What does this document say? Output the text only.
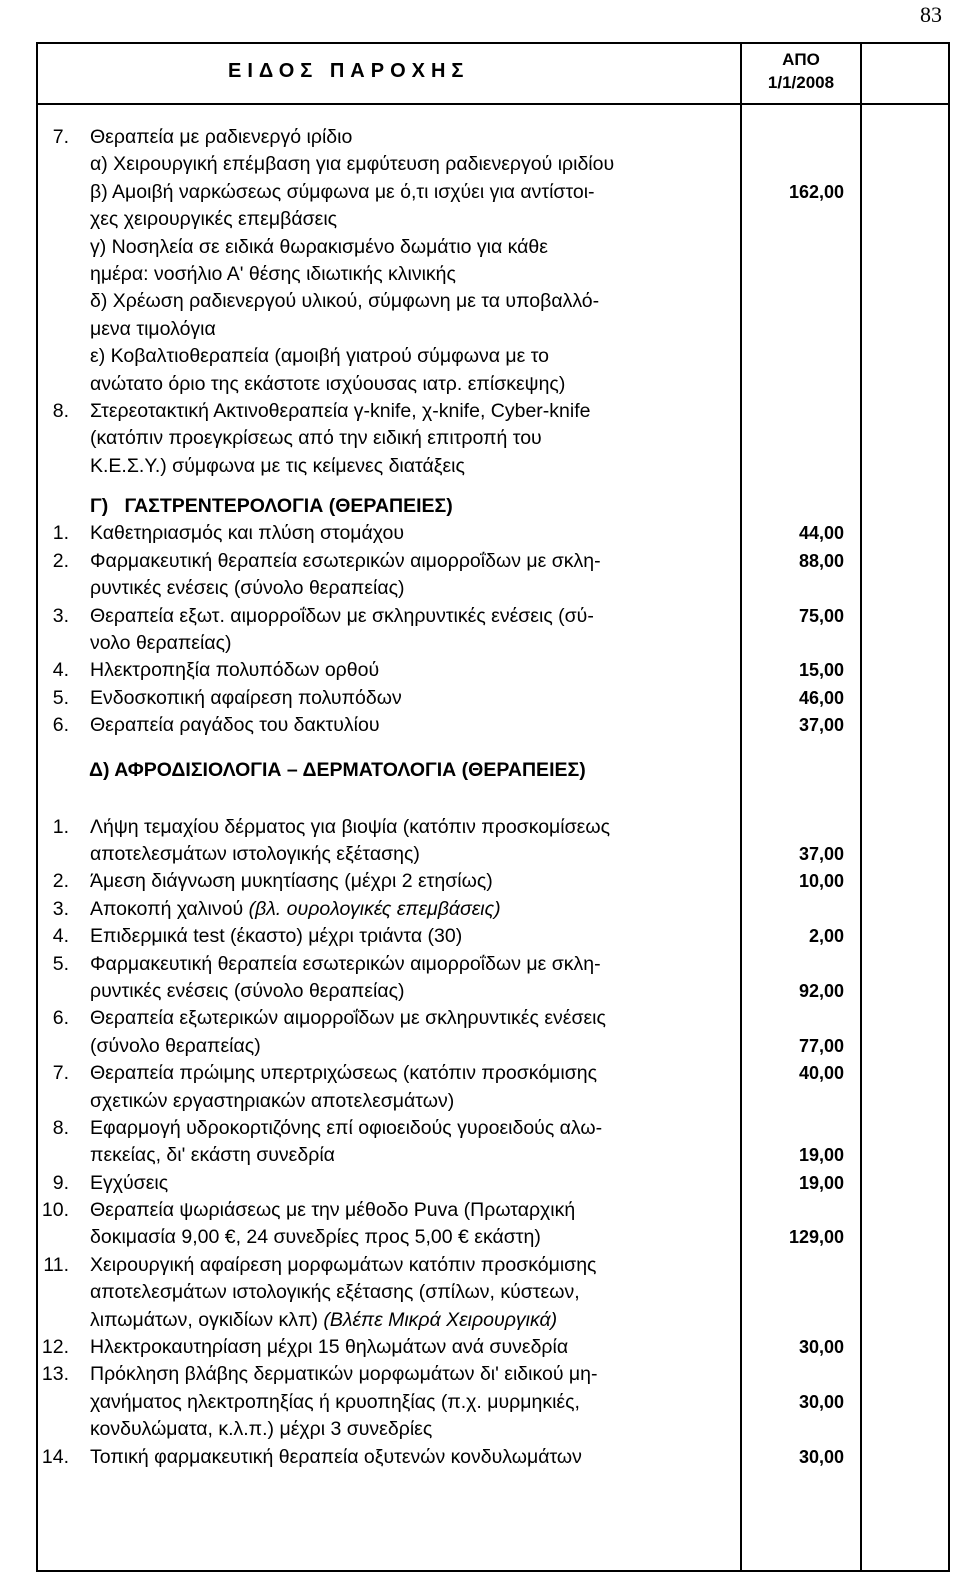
83
ΕΙΔΟΣ ΠΑΡΟΧΗΣ
ΑΠΟ
1/1/2008
7. Θεραπεία με ραδιενεργό ιρίδιο
α) Χειρουργική επέμβαση για εμφύτευση ραδιενεργού ιριδίου
β) Αμοιβή ναρκώσεως σύμφωνα με ό,τι ισχύει για αντίστοι-	162,00
χες χειρουργικές επεμβάσεις
γ) Νοσηλεία σε ειδικά θωρακισμένο δωμάτιο για κάθε
ημέρα: νοσήλιο Α' θέσης ιδιωτικής κλινικής
δ) Χρέωση ραδιενεργού υλικού, σύμφωνη με τα υποβαλλό-
μενα τιμολόγια
ε) Κοβαλτιοθεραπεία (αμοιβή γιατρού σύμφωνα με το
ανώτατο όριο της εκάστοτε ισχύουσας ιατρ. επίσκεψης)
8. Στερεοτακτική Ακτινοθεραπεία γ-knife, χ-knife, Cyber-knife
(κατόπιν προεγκρίσεως από την ειδική επιτροπή του
Κ.Ε.Σ.Υ.) σύμφωνα με τις κείμενες διατάξεις
Γ)   ΓΑΣΤΡΕΝΤΕΡΟΛΟΓΙΑ (ΘΕΡΑΠΕΙΕΣ)
1. Καθετηριασμός και πλύση στομάχου	44,00
2. Φαρμακευτική θεραπεία εσωτερικών αιμορροΐδων με σκλη-	88,00
ρυντικές ενέσεις (σύνολο θεραπείας)
3. Θεραπεία εξωτ. αιμορροΐδων με σκληρυντικές ενέσεις (σύ-	75,00
νολο θεραπείας)
4. Ηλεκτροπηξία πολυπόδων ορθού	15,00
5. Ενδοσκοπική αφαίρεση πολυπόδων	46,00
6. Θεραπεία ραγάδος του δακτυλίου	37,00
Δ) ΑΦΡΟΔΙΣΙΟΛΟΓΙΑ – ΔΕΡΜΑΤΟΛΟΓΙΑ (ΘΕΡΑΠΕΙΕΣ)
1. Λήψη τεμαχίου δέρματος για βιοψία (κατόπιν προσκομίσεως
αποτελεσμάτων ιστολογικής εξέτασης)	37,00
2. Άμεση διάγνωση μυκητίασης (μέχρι 2 ετησίως)	10,00
3. Αποκοπή χαλινού (βλ. ουρολογικές επεμβάσεις)
4. Επιδερμικά test (έκαστο) μέχρι τριάντα (30)	2,00
5. Φαρμακευτική θεραπεία εσωτερικών αιμορροΐδων με σκλη-
ρυντικές ενέσεις (σύνολο θεραπείας)	92,00
6. Θεραπεία εξωτερικών αιμορροΐδων με σκληρυντικές ενέσεις
(σύνολο θεραπείας)	77,00
7. Θεραπεία πρώιμης υπερτριχώσεως (κατόπιν προσκόμισης	40,00
σχετικών εργαστηριακών αποτελεσμάτων)
8. Εφαρμογή υδροκορτιζόνης επί οφιοειδούς γυροειδούς αλω-
πεκείας, δι' εκάστη συνεδρία	19,00
9. Εγχύσεις	19,00
10. Θεραπεία ψωριάσεως με την μέθοδο Puva (Πρωταρχική
δοκιμασία 9,00 €, 24 συνεδρίες προς 5,00 € εκάστη)	129,00
11. Χειρουργική αφαίρεση μορφωμάτων κατόπιν προσκόμισης
αποτελεσμάτων ιστολογικής εξέτασης (σπίλων, κύστεων,
λιπωμάτων, ογκιδίων κλπ) (Βλέπε Μικρά Χειρουργικά)
12. Ηλεκτροκαυτηρίαση μέχρι 15 θηλωμάτων ανά συνεδρία	30,00
13. Πρόκληση βλάβης δερματικών μορφωμάτων δι' ειδικού μη-
χανήματος ηλεκτροπηξίας ή κρυοπηξίας (π.χ. μυρμηκιές,	30,00
κονδυλώματα, κ.λ.π.) μέχρι 3 συνεδρίες
14. Τοπική φαρμακευτική θεραπεία οξυτενών κονδυλωμάτων	30,00
